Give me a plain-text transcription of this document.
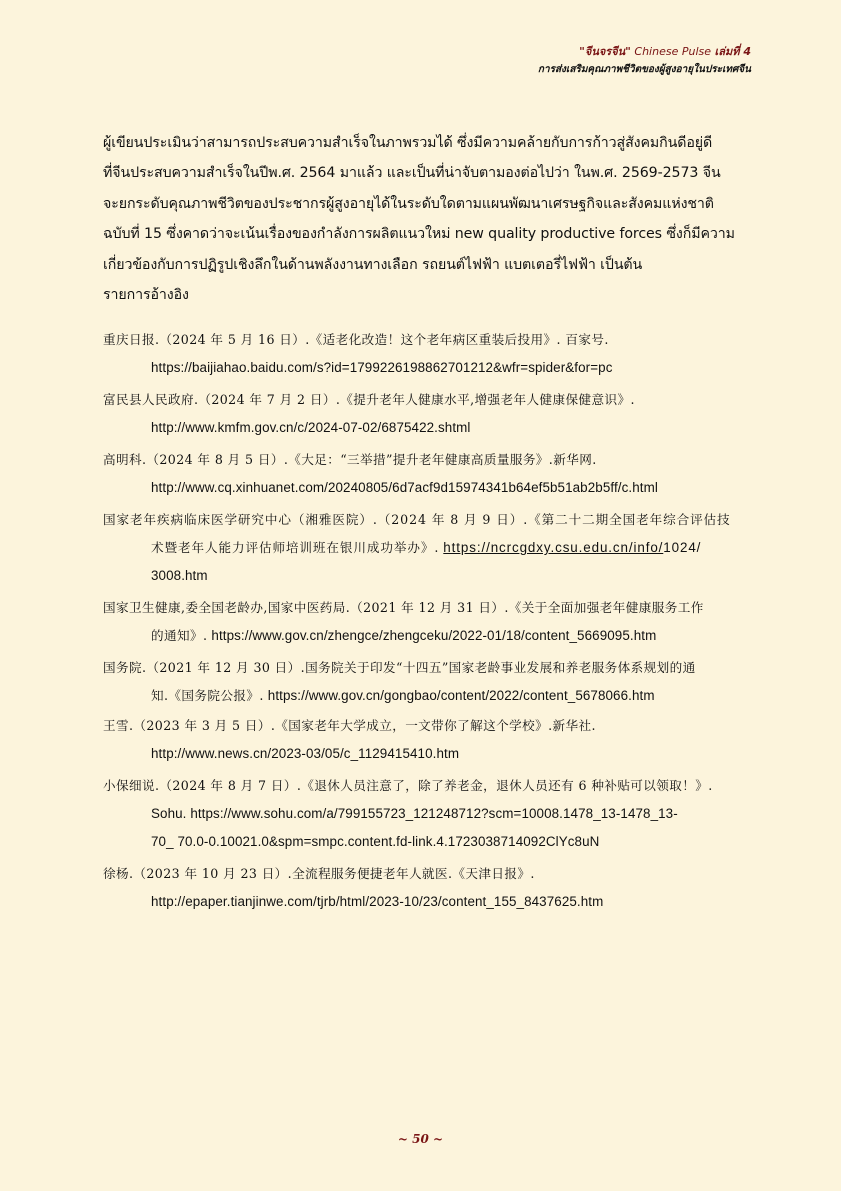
"จีนจรจีน" Chinese Pulse เล่มที่ 4
การส่งเสริมคุณภาพชีวิตของผู้สูงอายุในประเทศจีน

ผู้เขียนประเมินว่าสามารถประสบความสำเร็จในภาพรวมได้ ซึ่งมีความคล้ายกับการก้าวสู่สังคมกินดีอยู่ดี

ที่จีนประสบความสำเร็จในปีพ.ศ. 2564 มาแล้ว และเป็นที่น่าจับตามองต่อไปว่า ในพ.ศ. 2569-2573 จีน

จะยกระดับคุณภาพชีวิตของประชากรผู้สูงอายุได้ในระดับใดตามแผนพัฒนาเศรษฐกิจและสังคมแห่งชาติ

ฉบับที่ 15 ซึ่งคาดว่าจะเน้นเรื่องของกำลังการผลิตแนวใหม่ new quality productive forces ซึ่งก็มีความ

เกี่ยวข้องกับการปฏิรูปเชิงลึกในด้านพลังงานทางเลือก รถยนต์ไฟฟ้า แบตเตอรี่ไฟฟ้า เป็นต้น

รายการอ้างอิง

重庆日报.（2024 年 5 月 16 日）.《适老化改造！这个老年病区重装后投用》. 百家号.
https://baijiahao.baidu.com/s?id=1799226198862701212&wfr=spider&for=pc
富民县人民政府.（2024 年 7 月 2 日）.《提升老年人健康水平,增强老年人健康保健意识》.
http://www.kmfm.gov.cn/c/2024-07-02/6875422.shtml
高明科.（2024 年 8 月 5 日）.《大足：“三举措”提升老年健康高质量服务》.新华网.
http://www.cq.xinhuanet.com/20240805/6d7acf9d15974341b64ef5b51ab2b5ff/c.html
国家老年疾病临床医学研究中心（湘雅医院）.（2024 年 8 月 9 日）.《第二十二期全国老年综合评估技
术暨老年人能力评估师培训班在银川成功举办》. https://ncrcgdxy.csu.edu.cn/info/1024/
3008.htm
国家卫生健康,委全国老龄办,国家中医药局.（2021 年 12 月 31 日）.《关于全面加强老年健康服务工作
的通知》. https://www.gov.cn/zhengce/zhengceku/2022-01/18/content_5669095.htm
国务院.（2021 年 12 月 30 日）.国务院关于印发“十四五”国家老龄事业发展和养老服务体系规划的通
知.《国务院公报》. https://www.gov.cn/gongbao/content/2022/content_5678066.htm
王雪.（2023 年 3 月 5 日）.《国家老年大学成立，一文带你了解这个学校》.新华社.
http://www.news.cn/2023-03/05/c_1129415410.htm
小保细说.（2024 年 8 月 7 日）.《退休人员注意了，除了养老金，退休人员还有 6 种补贴可以领取！》.
Sohu. https://www.sohu.com/a/799155723_121248712?scm=10008.1478_13-1478_13-
70_ 70.0-0.10021.0&spm=smpc.content.fd-link.4.1723038714092ClYc8uN
徐杨.（2023 年 10 月 23 日）.全流程服务便捷老年人就医.《天津日报》.
http://epaper.tianjinwe.com/tjrb/html/2023-10/23/content_155_8437625.htm
~ 50 ~
